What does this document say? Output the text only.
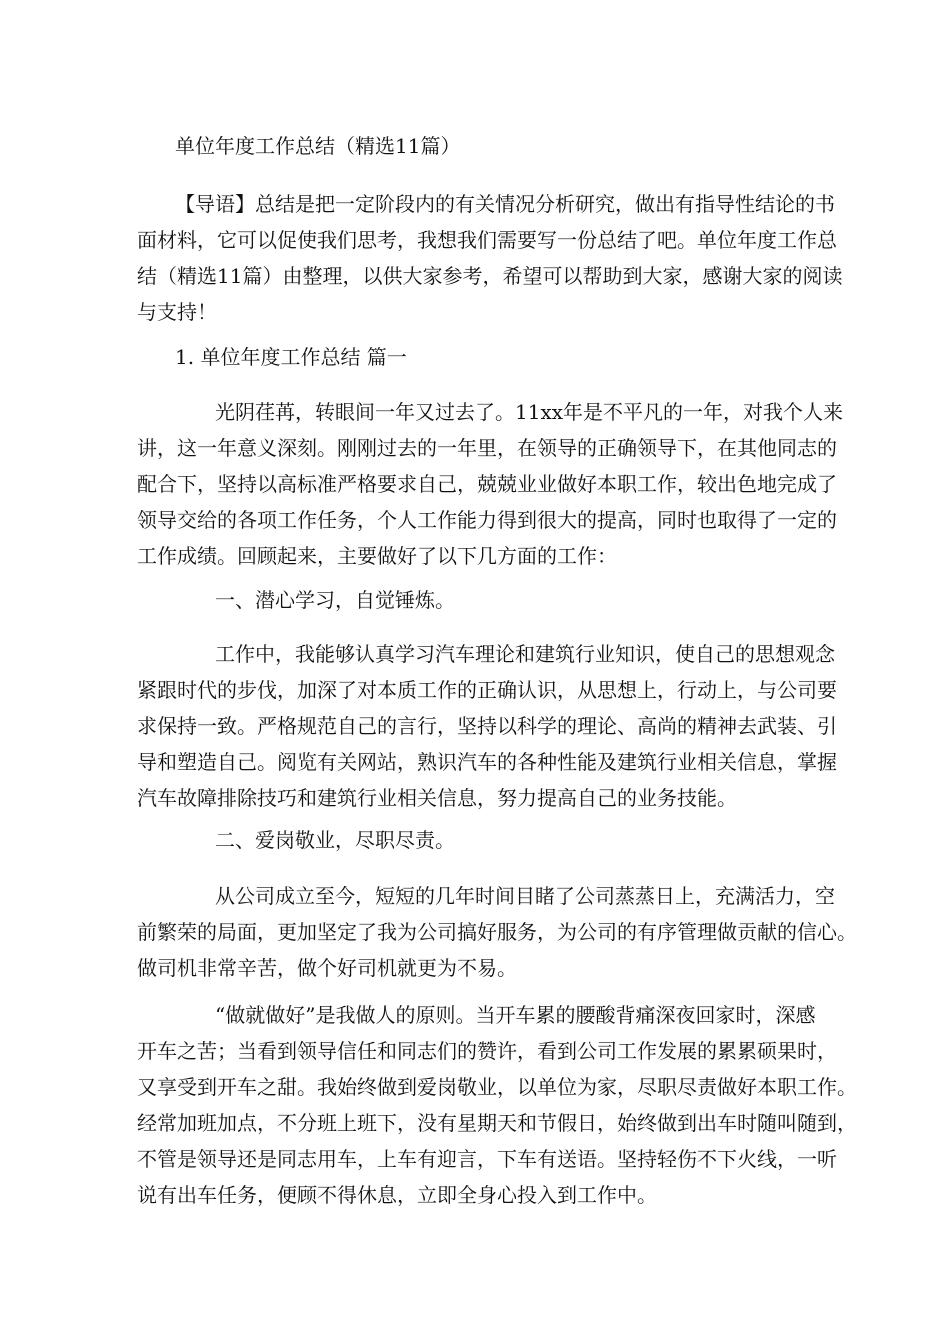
单位年度工作总结（精选11篇）

【导语】总结是把一定阶段内的有关情况分析研究，做出有指导性结论的书
面材料，它可以促使我们思考，我想我们需要写一份总结了吧。单位年度工作总
结（精选11篇）由整理，以供大家参考，希望可以帮助到大家，感谢大家的阅读
与支持！

1. 单位年度工作总结 篇一

光阴荏苒，转眼间一年又过去了。11xx年是不平凡的一年，对我个人来
讲，这一年意义深刻。刚刚过去的一年里，在领导的正确领导下，在其他同志的
配合下，坚持以高标准严格要求自己，兢兢业业做好本职工作，较出色地完成了
领导交给的各项工作任务，个人工作能力得到很大的提高，同时也取得了一定的
工作成绩。回顾起来，主要做好了以下几方面的工作：

一、潜心学习，自觉锤炼。

工作中，我能够认真学习汽车理论和建筑行业知识，使自己的思想观念
紧跟时代的步伐，加深了对本质工作的正确认识，从思想上，行动上，与公司要
求保持一致。严格规范自己的言行，坚持以科学的理论、高尚的精神去武装、引
导和塑造自己。阅览有关网站，熟识汽车的各种性能及建筑行业相关信息，掌握
汽车故障排除技巧和建筑行业相关信息，努力提高自己的业务技能。

二、爱岗敬业，尽职尽责。

从公司成立至今，短短的几年时间目睹了公司蒸蒸日上，充满活力，空
前繁荣的局面，更加坚定了我为公司搞好服务，为公司的有序管理做贡献的信心。
做司机非常辛苦，做个好司机就更为不易。
“做就做好”是我做人的原则。当开车累的腰酸背痛深夜回家时，深感
开车之苦；当看到领导信任和同志们的赞许，看到公司工作发展的累累硕果时，
又享受到开车之甜。我始终做到爱岗敬业，以单位为家，尽职尽责做好本职工作。
经常加班加点，不分班上班下，没有星期天和节假日，始终做到出车时随叫随到，
不管是领导还是同志用车，上车有迎言，下车有送语。坚持轻伤不下火线，一听
说有出车任务，便顾不得休息，立即全身心投入到工作中。
